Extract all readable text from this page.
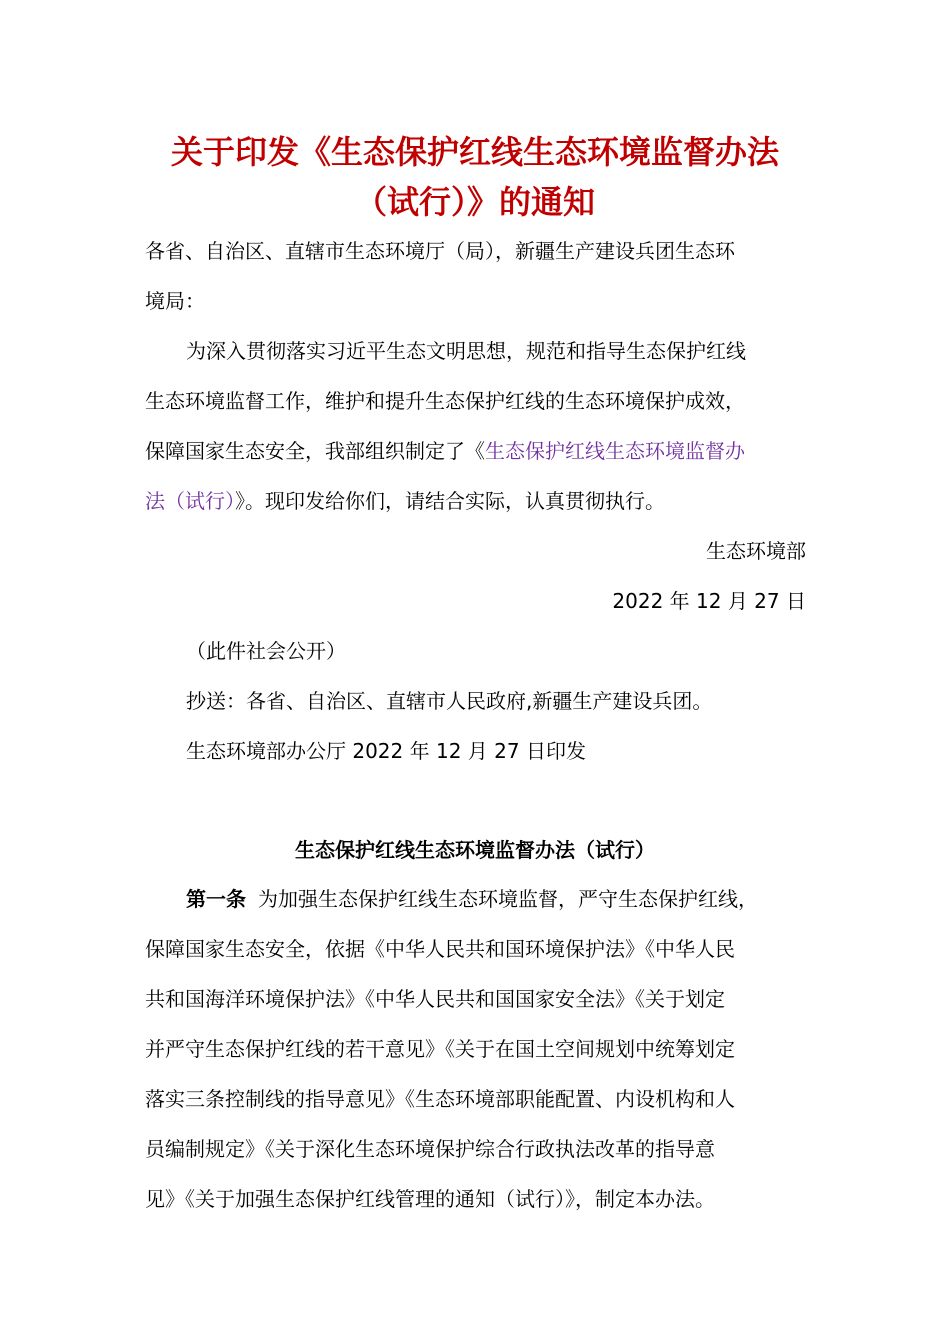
关于印发《生态保护红线生态环境监督办法
（试行）》的通知
各省、自治区、直辖市生态环境厅（局），新疆生产建设兵团生态环
境局：
为深入贯彻落实习近平生态文明思想，规范和指导生态保护红线
生态环境监督工作，维护和提升生态保护红线的生态环境保护成效，
保障国家生态安全，我部组织制定了《生态保护红线生态环境监督办
法（试行）》。现印发给你们，请结合实际，认真贯彻执行。
生态环境部
2022 年 12 月 27 日
（此件社会公开）
抄送：各省、自治区、直辖市人民政府,新疆生产建设兵团。
生态环境部办公厅 2022 年 12 月 27 日印发
生态保护红线生态环境监督办法（试行）
第一条 为加强生态保护红线生态环境监督，严守生态保护红线，
保障国家生态安全，依据《中华人民共和国环境保护法》《中华人民
共和国海洋环境保护法》《中华人民共和国国家安全法》《关于划定
并严守生态保护红线的若干意见》《关于在国土空间规划中统筹划定
落实三条控制线的指导意见》《生态环境部职能配置、内设机构和人
员编制规定》《关于深化生态环境保护综合行政执法改革的指导意
见》《关于加强生态保护红线管理的通知（试行）》，制定本办法。
